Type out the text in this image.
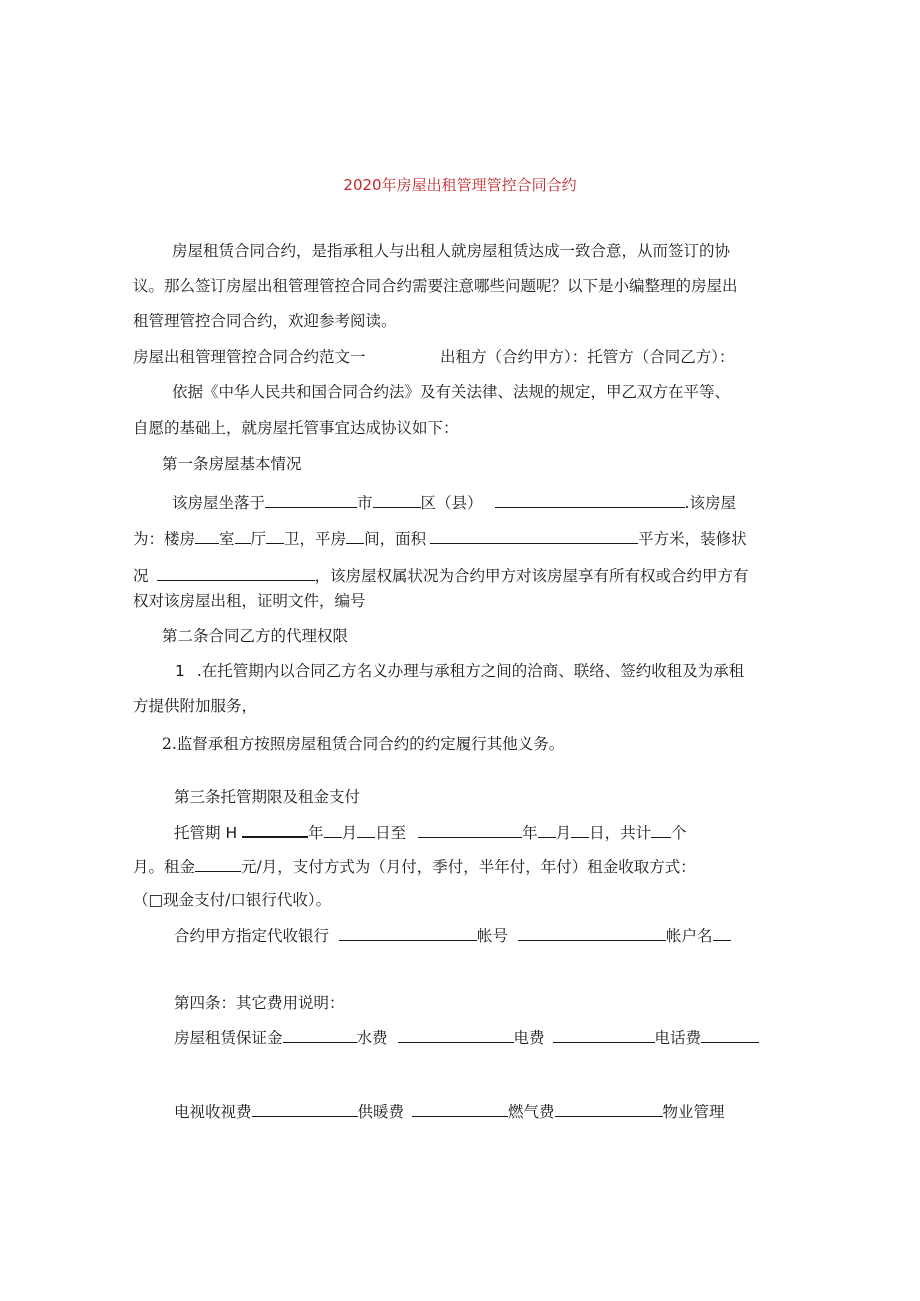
2020年房屋出租管理管控合同合约
房屋租赁合同合约，是指承租人与出租人就房屋租赁达成一致合意，从而签订的协
议。那么签订房屋出租管理管控合同合约需要注意哪些问题呢？以下是小编整理的房屋出
租管理管控合同合约，欢迎参考阅读。
房屋出租管理管控合同合约范文一	出租方（合约甲方）：托管方（合同乙方）：
依据《中华人民共和国合同合约法》及有关法律、法规的规定，甲乙双方在平等、
自愿的基础上，就房屋托管事宜达成协议如下：
第一条房屋基本情况
该房屋坐落于	市	区（县）	.该房屋
为：楼房 室 厅 卫，平房 间，面积	平方米，装修状
况	，该房屋权属状况为合约甲方对该房屋享有所有权或合约甲方有
权对该房屋出租，证明文件，编号
第二条合同乙方的代理权限
1 .在托管期内以合同乙方名义办理与承租方之间的洽商、联络、签约收租及为承租
方提供附加服务，
2.监督承租方按照房屋租赁合同合约的约定履行其他义务。
第三条托管期限及租金支付
托管期 H	年 月 日至	年 月 日，共计 个
月。租金	元/月，支付方式为（月付，季付，半年付，年付）租金收取方式：
（□现金支付/口银行代收）。
合约甲方指定代收银行	帐号	帐户名
第四条：其它费用说明：
房屋租赁保证金	水费	电费	电话费
电视收视费	供暖费	燃气费	物业管理
